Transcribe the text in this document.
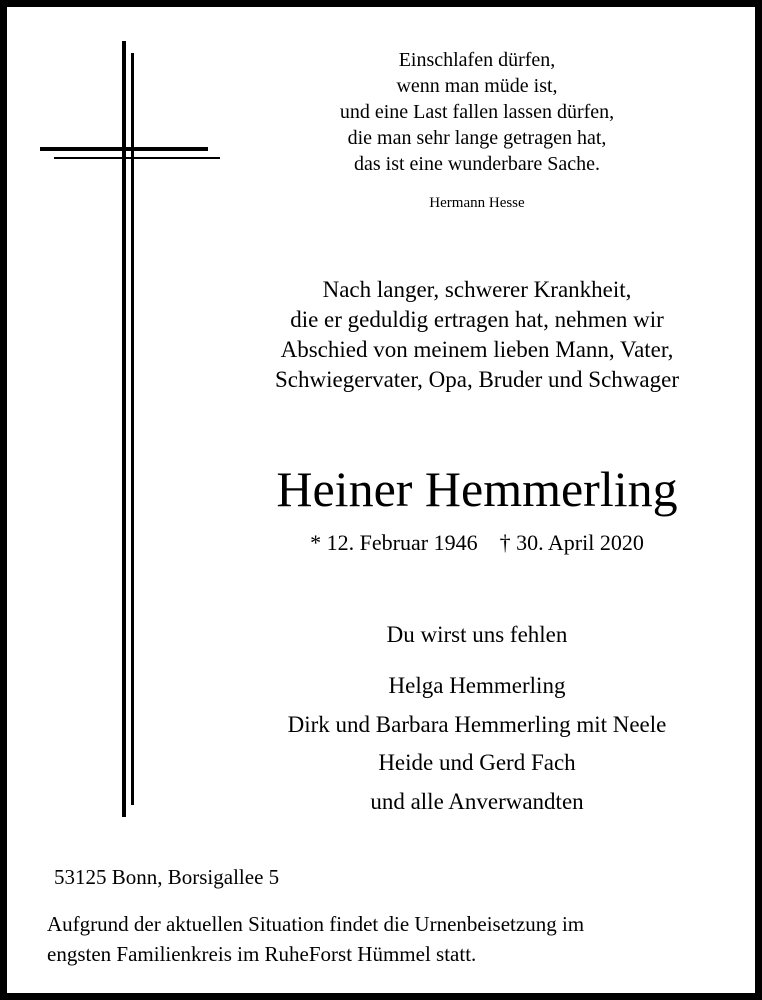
Einschlafen dürfen,
wenn man müde ist,
und eine Last fallen lassen dürfen,
die man sehr lange getragen hat,
das ist eine wunderbare Sache.
Hermann Hesse
Nach langer, schwerer Krankheit,
die er geduldig ertragen hat, nehmen wir
Abschied von meinem lieben Mann, Vater,
Schwiegervater, Opa, Bruder und Schwager
Heiner Hemmerling
* 12. Februar 1946 † 30. April 2020
Du wirst uns fehlen
Helga Hemmerling
Dirk und Barbara Hemmerling mit Neele
Heide und Gerd Fach
und alle Anverwandten
53125 Bonn, Borsigallee 5
Aufgrund der aktuellen Situation findet die Urnenbeisetzung im
engsten Familienkreis im RuheForst Hümmel statt.
